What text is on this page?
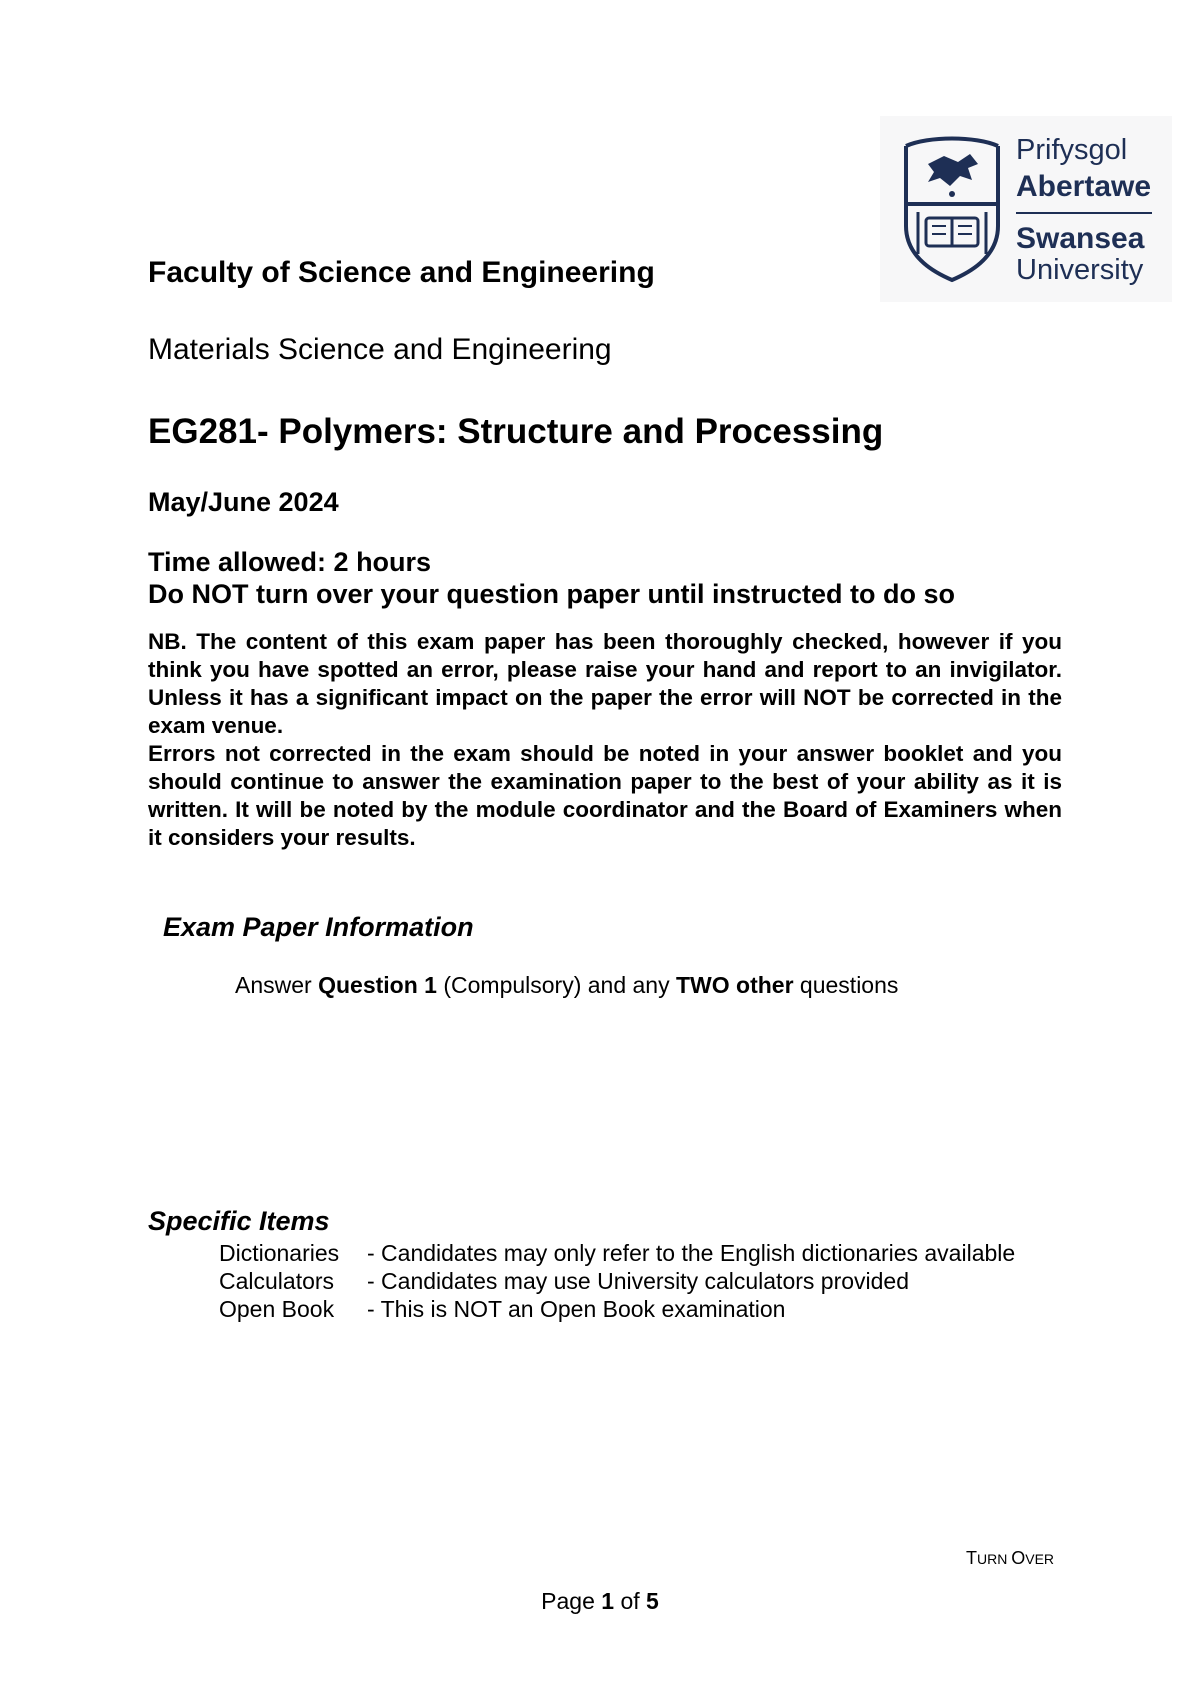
Prifysgol
Abertawe
Swansea
University
Faculty of Science and Engineering
Materials Science and Engineering
EG281- Polymers: Structure and Processing
May/June 2024
Time allowed: 2 hours
Do NOT turn over your question paper until instructed to do so

NB. The content of this exam paper has been thoroughly checked, however if you think you have spotted an error, please raise your hand and report to an invigilator. Unless it has a significant impact on the paper the error will NOT be corrected in the exam venue.

Errors not corrected in the exam should be noted in your answer booklet and you should continue to answer the examination paper to the best of your ability as it is written. It will be noted by the module coordinator and the Board of Examiners when it considers your results.

Exam Paper Information
Answer Question 1 (Compulsory) and any TWO other questions
Specific Items
Dictionaries - Candidates may only refer to the English dictionaries available
Calculators - Candidates may use University calculators provided
Open Book - This is NOT an Open Book examination
TURN OVER
Page 1 of 5
